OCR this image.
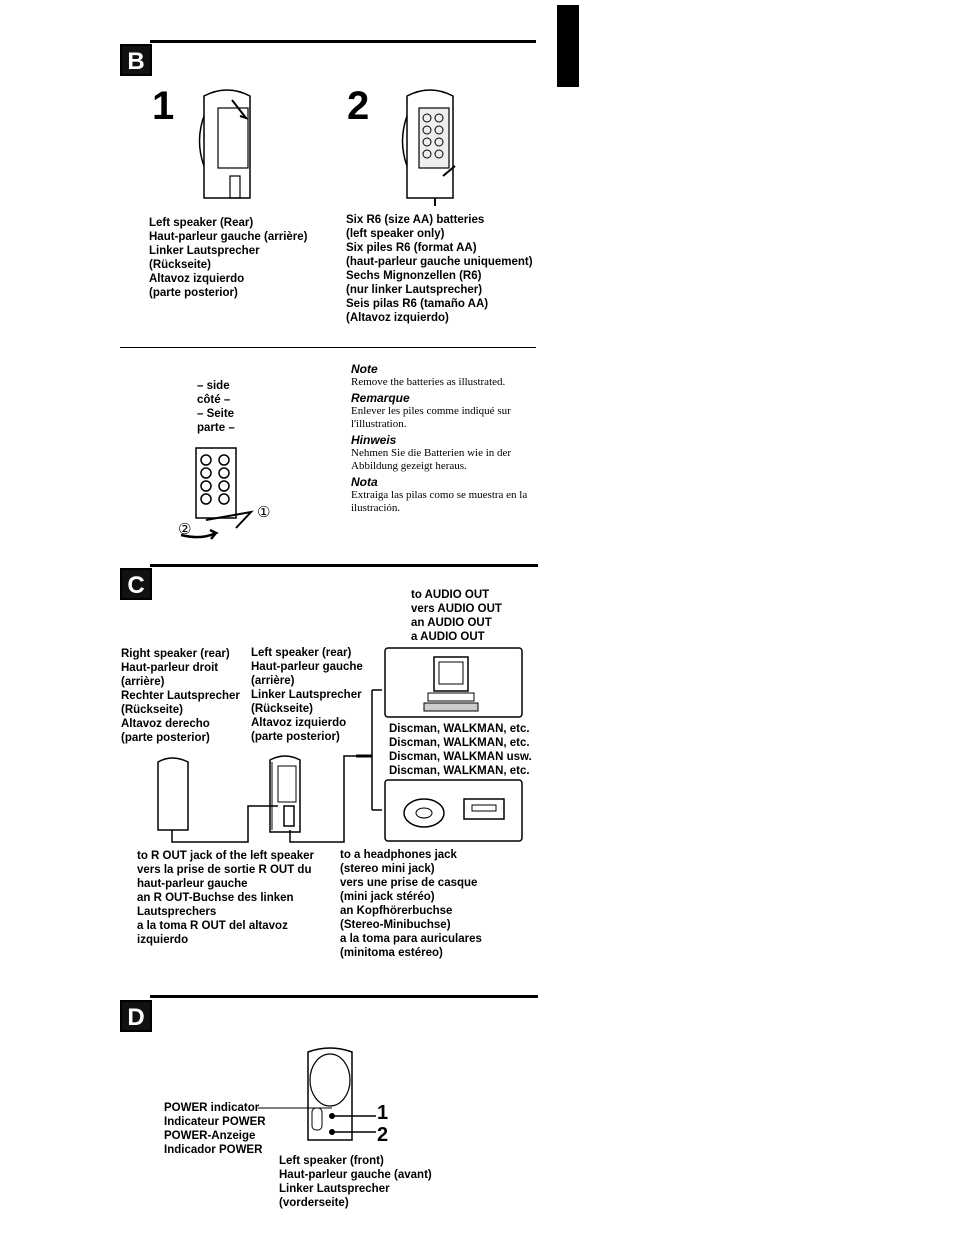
B
1	2
Left speaker (Rear)
Haut-parleur gauche (arrière)
Linker Lautsprecher
(Rückseite)
Altavoz izquierdo
(parte posterior)
Six R6 (size AA) batteries
(left speaker only)
Six piles R6 (format AA)
(haut-parleur gauche uniquement)
Sechs Mignonzellen (R6)
(nur linker Lautsprecher)
Seis pilas R6 (tamaño AA)
(Altavoz izquierdo)
– side
côté –
– Seite
parte –
①
②
Note
Remove the batteries as illustrated.
Remarque
Enlever les piles comme indiqué sur l'illustration.
Hinweis
Nehmen Sie die Batterien wie in der Abbildung gezeigt heraus.
Nota
Extraiga las pilas como se muestra en la ilustración.
C	to AUDIO OUT
vers AUDIO OUT
an AUDIO OUT
a AUDIO OUT
Right speaker (rear)
Haut-parleur droit
(arrière)
Rechter Lautsprecher
(Rückseite)
Altavoz derecho
(parte posterior)
Left speaker (rear)
Haut-parleur gauche
(arrière)
Linker Lautsprecher
(Rückseite)
Altavoz izquierdo
(parte posterior)
Discman, WALKMAN, etc.
Discman, WALKMAN, etc.
Discman, WALKMAN usw.
Discman, WALKMAN, etc.
to R OUT jack of the left speaker
vers la prise de sortie R OUT du
haut-parleur gauche
an R OUT-Buchse des linken
Lautsprechers
a la toma R OUT del altavoz
izquierdo
to a headphones jack
(stereo mini jack)
vers une prise de casque
(mini jack stéréo)
an Kopfhörerbuchse
(Stereo-Minibuchse)
a la toma para auriculares
(minitoma estéreo)
D
POWER indicator
Indicateur POWER
POWER-Anzeige
Indicador POWER
1
2
Left speaker (front)
Haut-parleur gauche (avant)
Linker Lautsprecher
(vorderseite)
